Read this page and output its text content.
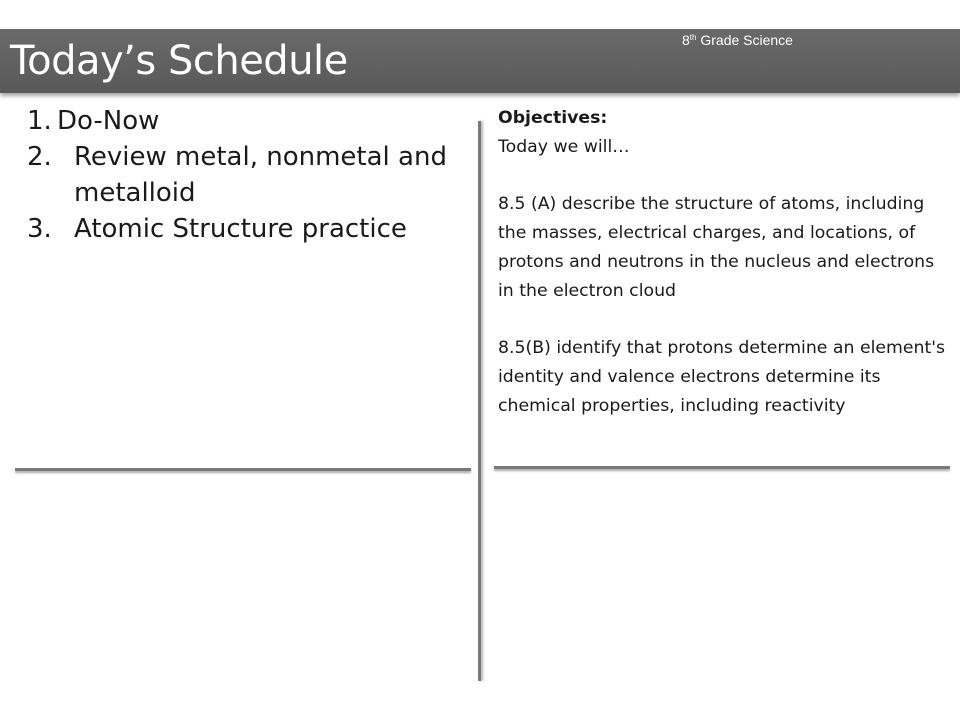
Today’s Schedule	8th Grade Science
1. Do-Now
2. Review metal, nonmetal and metalloid
3. Atomic Structure practice
Objectives:
Today we will…
8.5 (A) describe the structure of atoms, including the masses, electrical charges, and locations, of protons and neutrons in the nucleus and electrons in the electron cloud
8.5(B) identify that protons determine an element's identity and valence electrons determine its chemical properties, including reactivity
